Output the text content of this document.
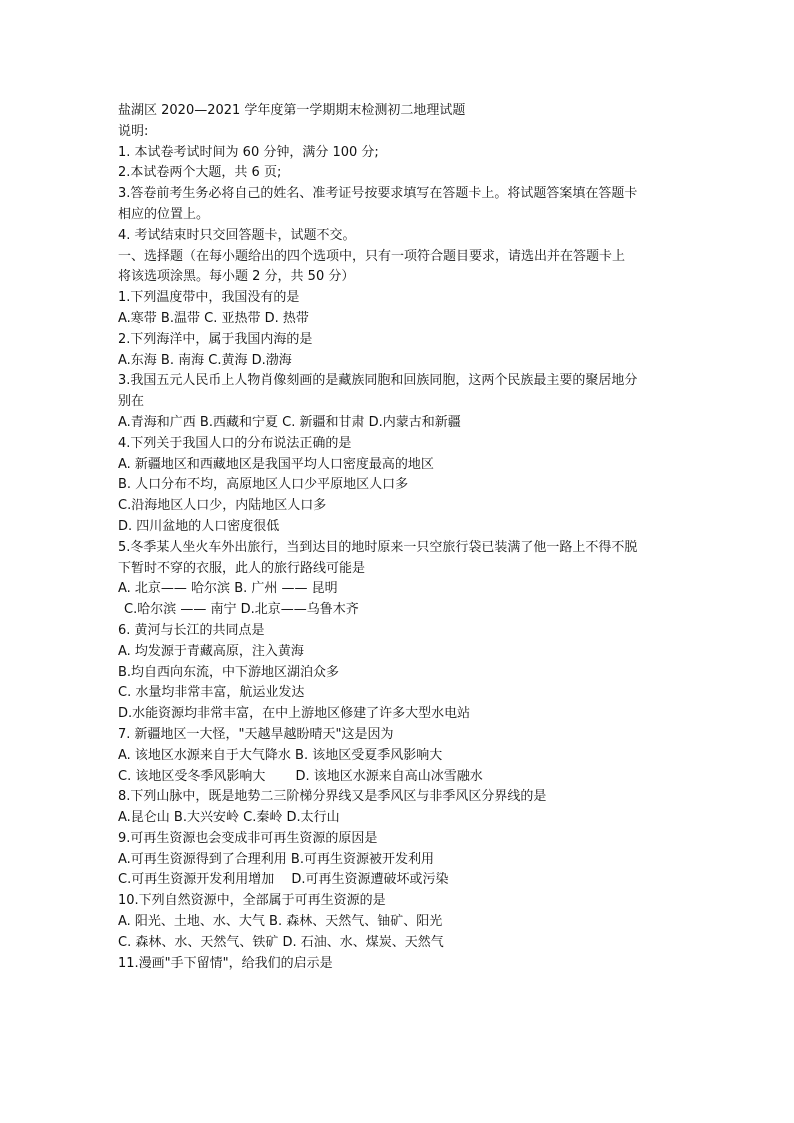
盐湖区 2020—2021 学年度第一学期期末检测初二地理试题
说明:
1. 本试卷考试时间为 60 分钟，满分 100 分;
2.本试卷两个大题，共 6 页;
3.答卷前考生务必将自己的姓名、准考证号按要求填写在答题卡上。将试题答案填在答题卡
相应的位置上。
4. 考试结束时只交回答题卡，试题不交。
一、选择题（在每小题给出的四个选项中，只有一项符合题目要求，请选出并在答题卡上
将该选项涂黑。每小题 2 分，共 50 分）
1.下列温度带中，我国没有的是
A.寒带 B.温带 C. 亚热带 D. 热带
2.下列海洋中，属于我国内海的是
A.东海 B. 南海 C.黄海 D.渤海
3.我国五元人民币上人物肖像刻画的是藏族同胞和回族同胞，这两个民族最主要的聚居地分
别在
A.青海和广西 B.西藏和宁夏 C. 新疆和甘肃 D.内蒙古和新疆
4.下列关于我国人口的分布说法正确的是
A. 新疆地区和西藏地区是我国平均人口密度最高的地区
B. 人口分布不均，高原地区人口少平原地区人口多
C.沿海地区人口少，内陆地区人口多
D. 四川盆地的人口密度很低
5.冬季某人坐火车外出旅行，当到达目的地时原来一只空旅行袋已装满了他一路上不得不脱
下暂时不穿的衣服，此人的旅行路线可能是
A. 北京—— 哈尔滨 B. 广州 —— 昆明
C.哈尔滨 —— 南宁 D.北京——乌鲁木齐
6. 黄河与长江的共同点是
A. 均发源于青藏高原，注入黄海
B.均自西向东流，中下游地区湖泊众多
C. 水量均非常丰富，航运业发达
D.水能资源均非常丰富，在中上游地区修建了许多大型水电站
7. 新疆地区一大怪，"天越旱越盼晴天"这是因为
A. 该地区水源来自于大气降水 B. 该地区受夏季风影响大
C. 该地区受冬季风影响大　　 D. 该地区水源来自高山冰雪融水
8.下列山脉中，既是地势二三阶梯分界线又是季风区与非季风区分界线的是
A.昆仑山 B.大兴安岭 C.秦岭 D.太行山
9.可再生资源也会变成非可再生资源的原因是
A.可再生资源得到了合理利用 B.可再生资源被开发利用
C.可再生资源开发利用增加　 D.可再生资源遭破坏或污染
10.下列自然资源中，全部属于可再生资源的是
A. 阳光、土地、水、大气 B. 森林、天然气、铀矿、阳光
C. 森林、水、天然气、铁矿 D. 石油、水、煤炭、天然气
11.漫画"手下留情"，给我们的启示是
